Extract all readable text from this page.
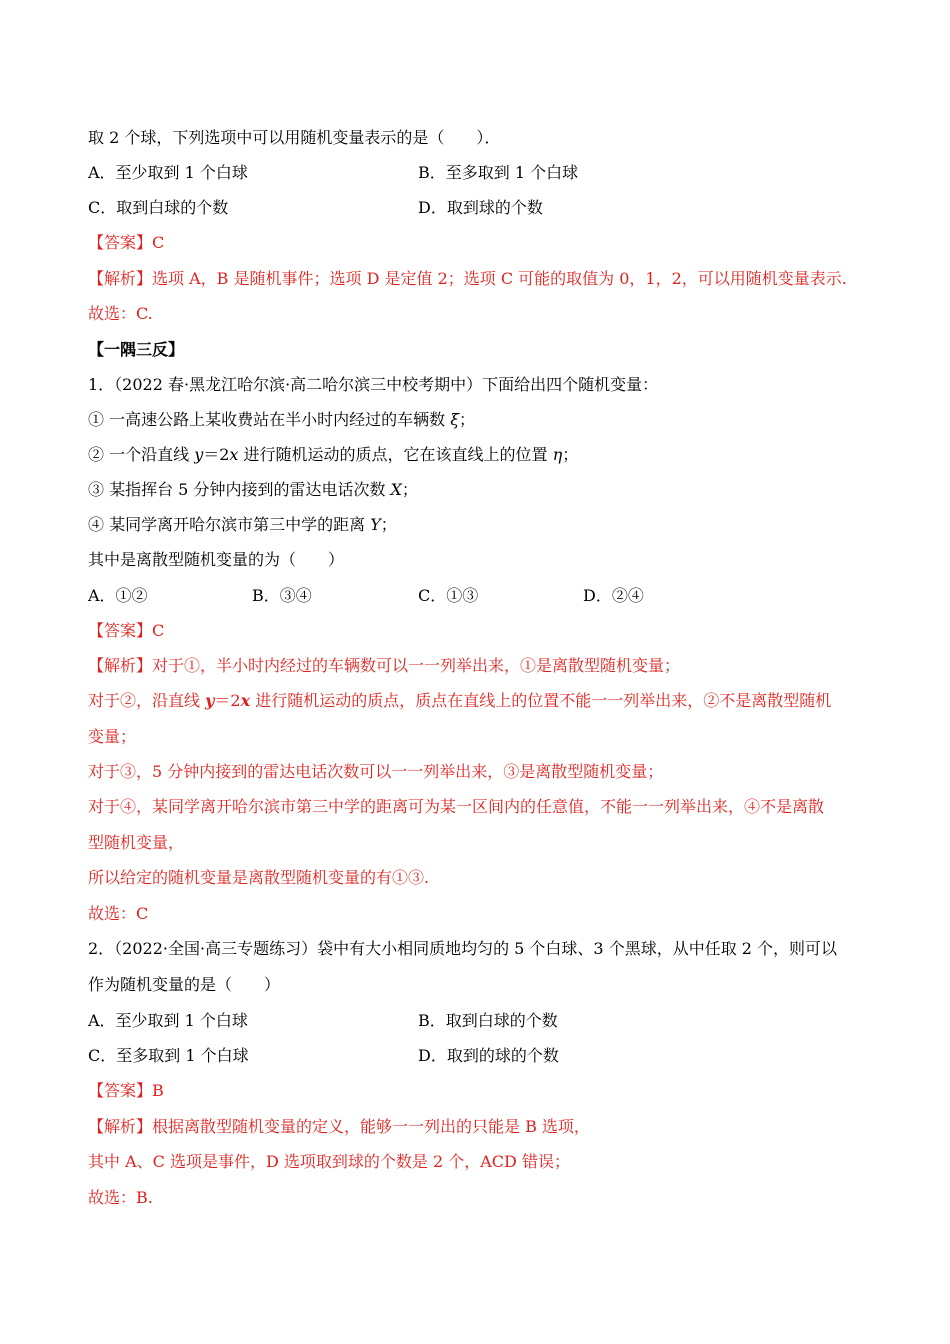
取 2 个球，下列选项中可以用随机变量表示的是（　　）．
A．至少取到 1 个白球	B．至多取到 1 个白球
C．取到白球的个数	D．取到球的个数
【答案】C
【解析】选项 A，B 是随机事件；选项 D 是定值 2；选项 C 可能的取值为 0，1，2，可以用随机变量表示.
故选：C.
【一隅三反】
1．（2022 春·黑龙江哈尔滨·高二哈尔滨三中校考期中）下面给出四个随机变量：
① 一高速公路上某收费站在半小时内经过的车辆数 ξ；
② 一个沿直线 y＝2x 进行随机运动的质点，它在该直线上的位置 η；
③ 某指挥台 5 分钟内接到的雷达电话次数 X；
④ 某同学离开哈尔滨市第三中学的距离 Y；
其中是离散型随机变量的为（　　）
A．①②	B．③④	C．①③	D．②④
【答案】C
【解析】对于①，半小时内经过的车辆数可以一一列举出来，①是离散型随机变量；
对于②，沿直线 y＝2x 进行随机运动的质点，质点在直线上的位置不能一一列举出来，②不是离散型随机
变量；
对于③，5 分钟内接到的雷达电话次数可以一一列举出来，③是离散型随机变量；
对于④，某同学离开哈尔滨市第三中学的距离可为某一区间内的任意值，不能一一列举出来，④不是离散
型随机变量，
所以给定的随机变量是离散型随机变量的有①③.
故选：C
2．（2022·全国·高三专题练习）袋中有大小相同质地均匀的 5 个白球、3 个黑球，从中任取 2 个，则可以
作为随机变量的是（　　）
A．至少取到 1 个白球	B．取到白球的个数
C．至多取到 1 个白球	D．取到的球的个数
【答案】B
【解析】根据离散型随机变量的定义，能够一一列出的只能是 B 选项，
其中 A、C 选项是事件，D 选项取到球的个数是 2 个，ACD 错误；
故选：B.
